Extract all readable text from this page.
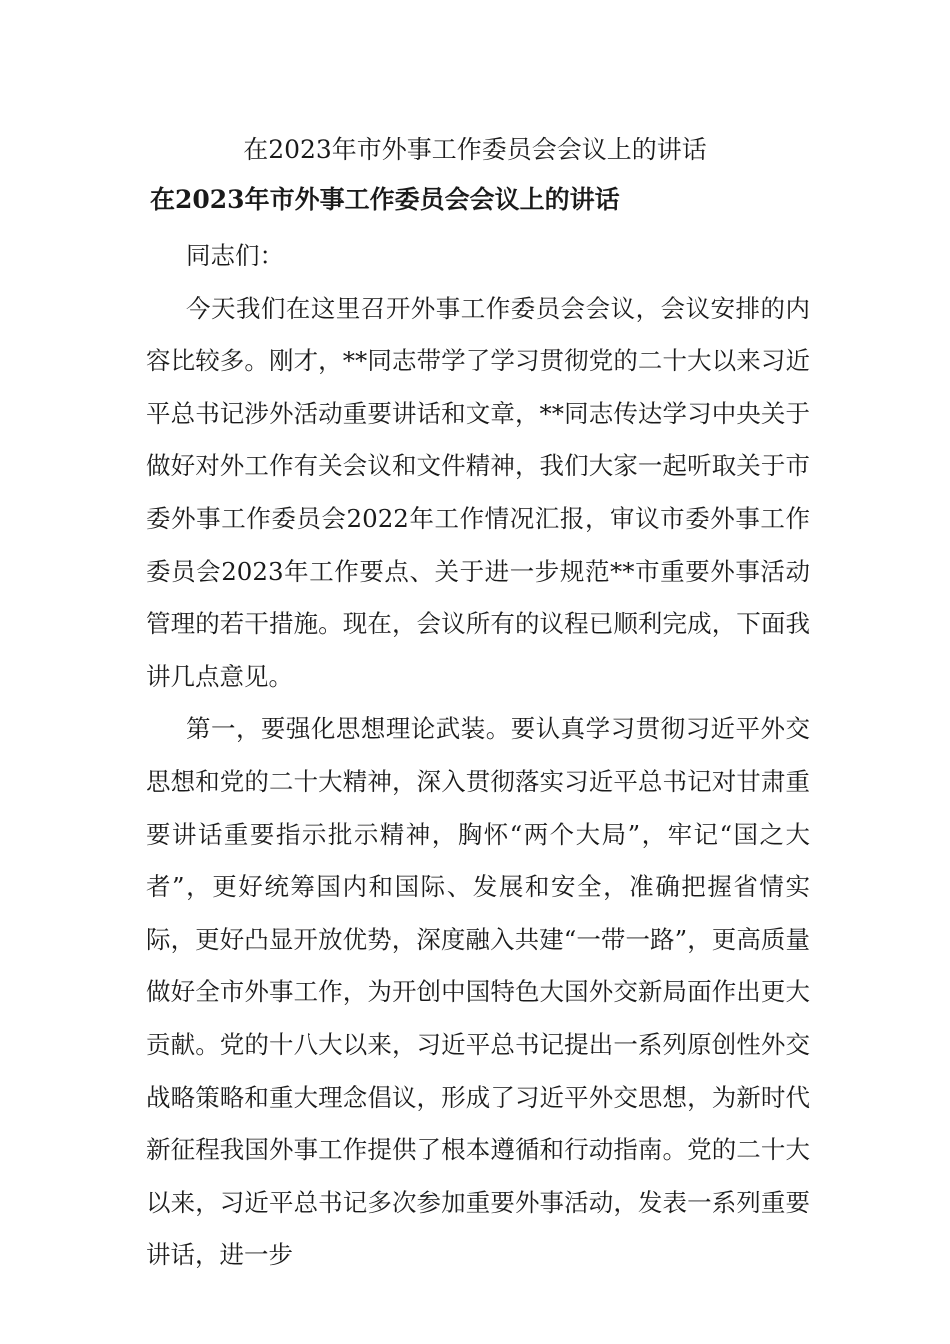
在2023年市外事工作委员会会议上的讲话
在2023年市外事工作委员会会议上的讲话

同志们：

今天我们在这里召开外事工作委员会会议，会议安排的内容比较多。刚才，**同志带学了学习贯彻党的二十大以来习近平总书记涉外活动重要讲话和文章，**同志传达学习中央关于做好对外工作有关会议和文件精神，我们大家一起听取关于市委外事工作委员会2022年工作情况汇报，审议市委外事工作委员会2023年工作要点、关于进一步规范**市重要外事活动管理的若干措施。现在，会议所有的议程已顺利完成，下面我讲几点意见。

第一，要强化思想理论武装。要认真学习贯彻习近平外交思想和党的二十大精神，深入贯彻落实习近平总书记对甘肃重要讲话重要指示批示精神，胸怀“两个大局”，牢记“国之大者”，更好统筹国内和国际、发展和安全，准确把握省情实际，更好凸显开放优势，深度融入共建“一带一路”，更高质量做好全市外事工作，为开创中国特色大国外交新局面作出更大贡献。党的十八大以来，习近平总书记提出一系列原创性外交战略策略和重大理念倡议，形成了习近平外交思想，为新时代新征程我国外事工作提供了根本遵循和行动指南。党的二十大以来，习近平总书记多次参加重要外事活动，发表一系列重要讲话，进一步
